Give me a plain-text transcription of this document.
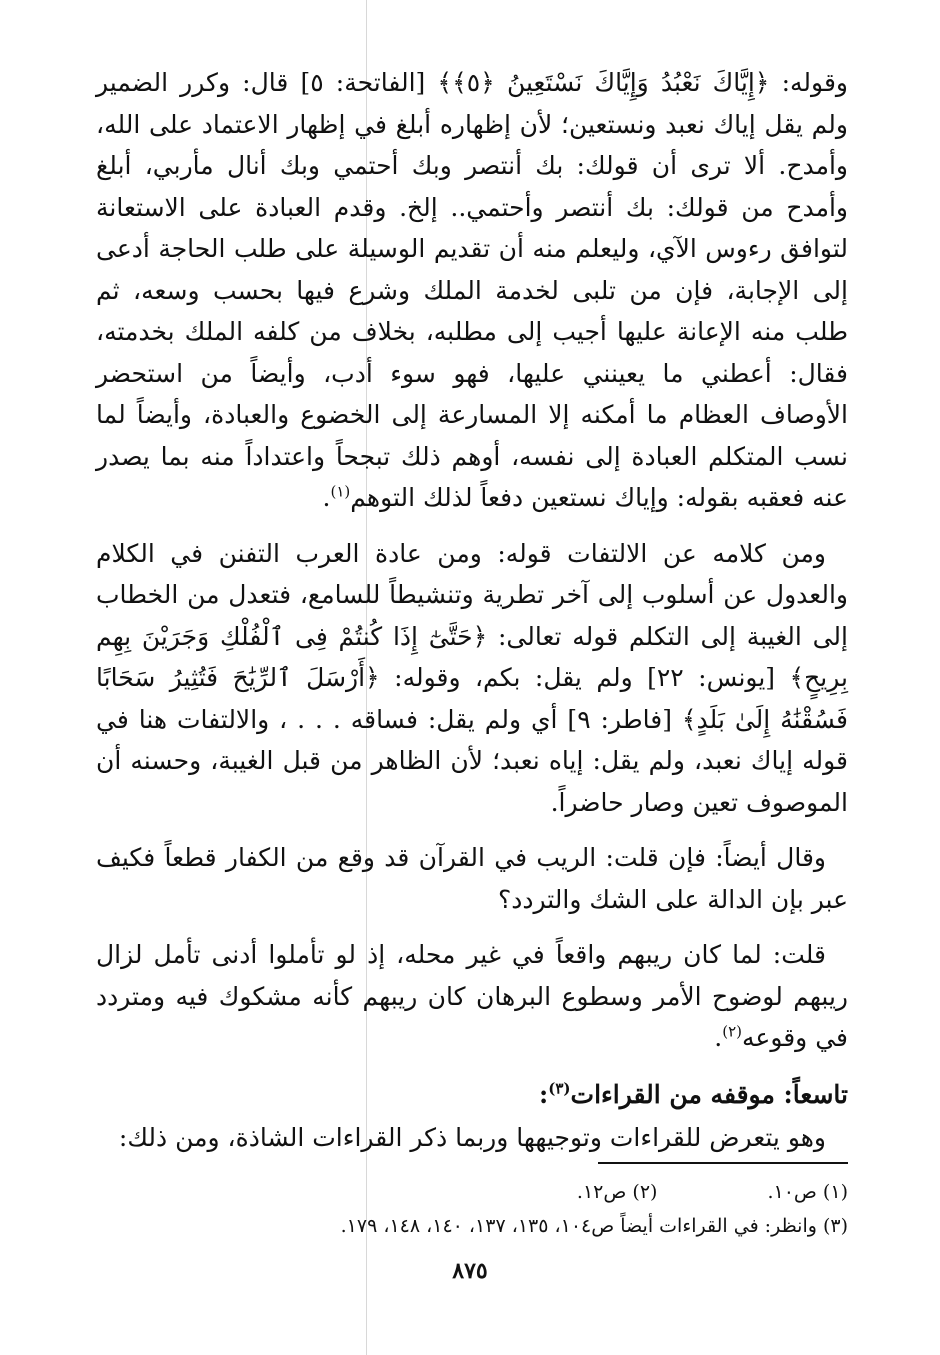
وقوله: ﴿إِيَّاكَ نَعْبُدُ وَإِيَّاكَ نَسْتَعِينُ ﴿٥﴾﴾ [الفاتحة: ٥] قال: وكرر الضمير ولم يقل إياك نعبد ونستعين؛ لأن إظهاره أبلغ في إظهار الاعتماد على الله، وأمدح. ألا ترى أن قولك: بك أنتصر وبك أحتمي وبك أنال مأربي، أبلغ وأمدح من قولك: بك أنتصر وأحتمي.. إلخ. وقدم العبادة على الاستعانة لتوافق رءوس الآي، وليعلم منه أن تقديم الوسيلة على طلب الحاجة أدعى إلى الإجابة، فإن من تلبى لخدمة الملك وشرع فيها بحسب وسعه، ثم طلب منه الإعانة عليها أجيب إلى مطلبه، بخلاف من كلفه الملك بخدمته، فقال: أعطني ما يعينني عليها، فهو سوء أدب، وأيضاً من استحضر الأوصاف العظام ما أمكنه إلا المسارعة إلى الخضوع والعبادة، وأيضاً لما نسب المتكلم العبادة إلى نفسه، أوهم ذلك تبجحاً واعتداداً منه بما يصدر عنه فعقبه بقوله: وإياك نستعين دفعاً لذلك التوهم$^{(١)}$.

ومن كلامه عن الالتفات قوله: ومن عادة العرب التفنن في الكلام والعدول عن أسلوب إلى آخر تطرية وتنشيطاً للسامع، فتعدل من الخطاب إلى الغيبة إلى التكلم قوله تعالى: ﴿حَتَّىٰٓ إِذَا كُنتُمْ فِى ٱلْفُلْكِ وَجَرَيْنَ بِهِم بِرِيحٍ﴾ [يونس: ٢٢] ولم يقل: بكم، وقوله: ﴿أَرْسَلَ ٱلرِّيَٰحَ فَتُثِيرُ سَحَابًا فَسُقْنَٰهُ إِلَىٰ بَلَدٍ﴾ [فاطر: ٩] أي ولم يقل: فساقه . . . ، والالتفات هنا في قوله إياك نعبد، ولم يقل: إياه نعبد؛ لأن الظاهر من قبل الغيبة، وحسنه أن الموصوف تعين وصار حاضراً.

وقال أيضاً: فإن قلت: الريب في القرآن قد وقع من الكفار قطعاً فكيف عبر بإن الدالة على الشك والتردد؟

قلت: لما كان ريبهم واقعاً في غير محله، إذ لو تأملوا أدنى تأمل لزال ريبهم لوضوح الأمر وسطوع البرهان كان ريبهم كأنه مشكوك فيه ومتردد في وقوعه$^{(٢)}$.

تاسعاً: موقفه من القراءات$^{(٣)}$:

وهو يتعرض للقراءات وتوجيهها وربما ذكر القراءات الشاذة، ومن ذلك:

(١) ص١٠.
(٢) ص١٢.
(٣) وانظر: في القراءات أيضاً ص١٠٤، ١٣٥، ١٣٧، ١٤٠، ١٤٨، ١٧٩.
٨٧٥
